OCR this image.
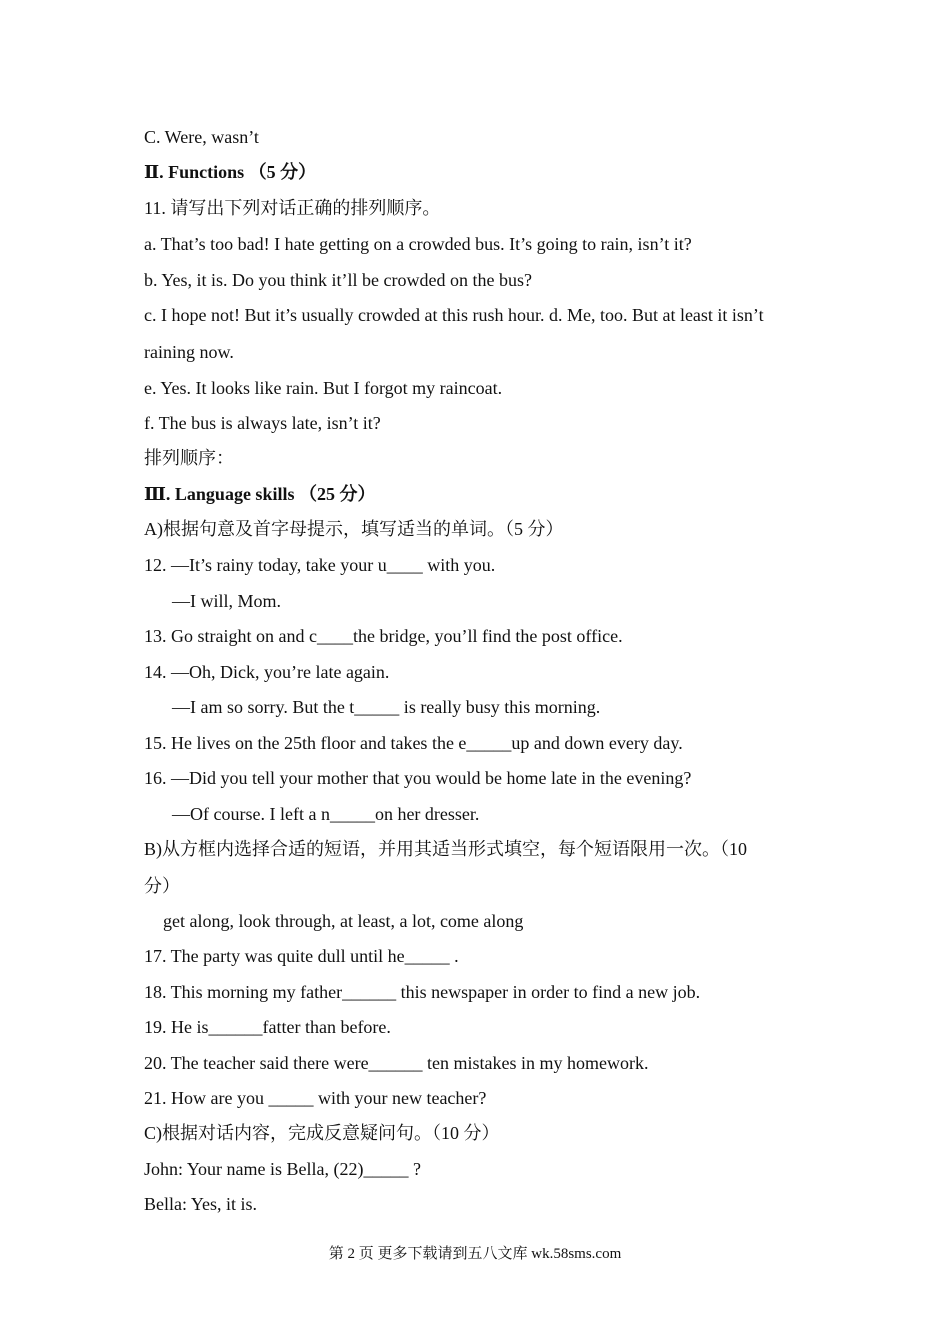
C. Were, wasn’t
Ⅱ. Functions （5 分）
11. 请写出下列对话正确的排列顺序。
a. That’s too bad! I hate getting on a crowded bus. It’s going to rain, isn’t it?
b. Yes, it is. Do you think it’ll be crowded on the bus?
c. I hope not! But it’s usually crowded at this rush hour. d. Me, too. But at least it isn’t
raining now.
e. Yes. It looks like rain. But I forgot my raincoat.
f. The bus is always late, isn’t it?
排列顺序：
Ⅲ. Language skills （25 分）
A)根据句意及首字母提示，填写适当的单词。（5 分）
12. —It’s rainy today, take your u____ with you.
—I will, Mom.
13. Go straight on and c____the bridge, you’ll find the post office.
14. —Oh, Dick, you’re late again.
—I am so sorry. But the t_____ is really busy this morning.
15. He lives on the 25th floor and takes the e_____up and down every day.
16. —Did you tell your mother that you would be home late in the evening?
—Of course. I left a n_____on her dresser.
B)从方框内选择合适的短语，并用其适当形式填空，每个短语限用一次。（10
分）
get along, look through, at least, a lot, come along
17. The party was quite dull until he_____ .
18. This morning my father______ this newspaper in order to find a new job.
19. He is______fatter than before.
20. The teacher said there were______ ten mistakes in my homework.
21. How are you _____ with your new teacher?
C)根据对话内容，完成反意疑问句。（10 分）
John: Your name is Bella, (22)_____ ?
Bella: Yes, it is.
第 2 页 更多下载请到五八文库 wk.58sms.com
